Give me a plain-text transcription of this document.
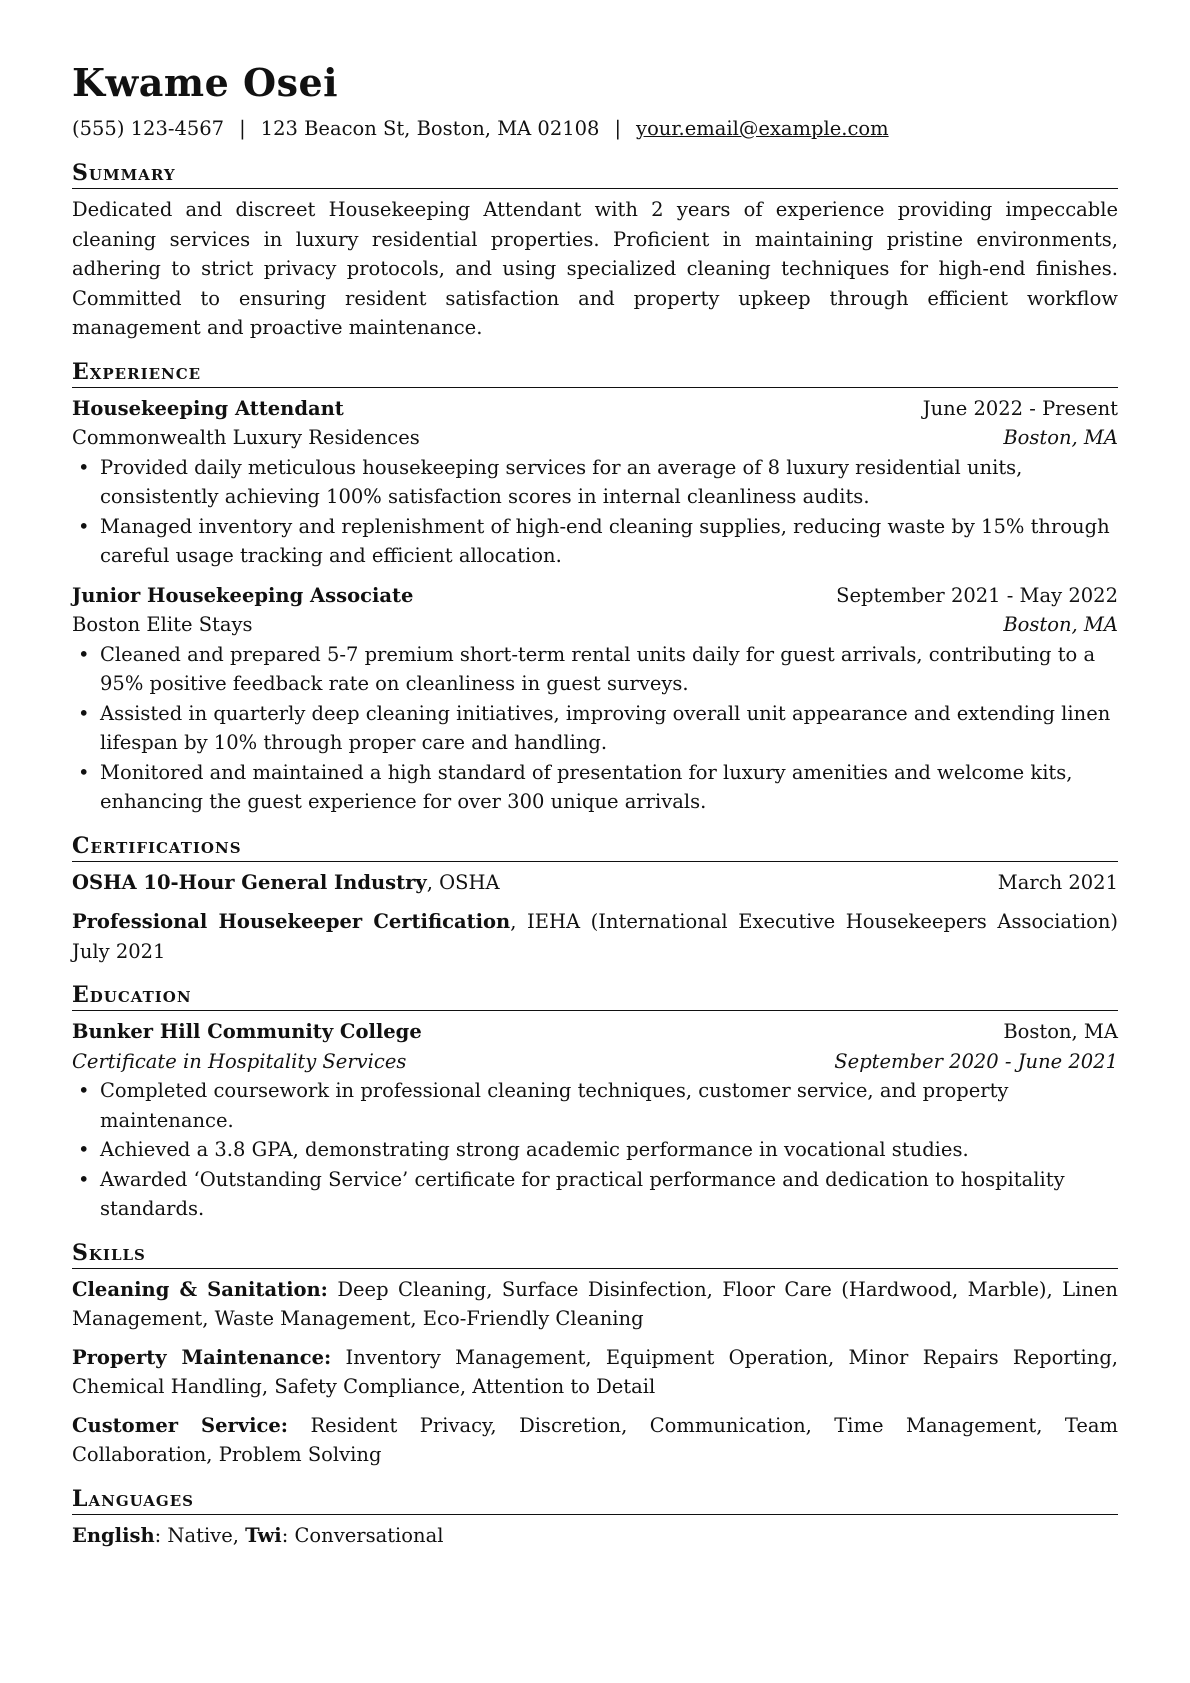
Kwame Osei
(555) 123-4567 | 123 Beacon St, Boston, MA 02108 | your.email@example.com
Summary
Dedicated and discreet Housekeeping Attendant with 2 years of experience providing impeccable cleaning services in luxury residential properties. Proficient in maintaining pristine environments, adhering to strict privacy protocols, and using specialized cleaning techniques for high-end finishes. Committed to ensuring resident satisfaction and property upkeep through efficient workflow management and proactive maintenance.
Experience
Housekeeping Attendant	June 2022 - Present
Commonwealth Luxury Residences	Boston, MA
• Provided daily meticulous housekeeping services for an average of 8 luxury residential units, consistently achieving 100% satisfaction scores in internal cleanliness audits.
• Managed inventory and replenishment of high-end cleaning supplies, reducing waste by 15% through careful usage tracking and efficient allocation.
Junior Housekeeping Associate	September 2021 - May 2022
Boston Elite Stays	Boston, MA
• Cleaned and prepared 5-7 premium short-term rental units daily for guest arrivals, contributing to a 95% positive feedback rate on cleanliness in guest surveys.
• Assisted in quarterly deep cleaning initiatives, improving overall unit appearance and extending linen lifespan by 10% through proper care and handling.
• Monitored and maintained a high standard of presentation for luxury amenities and welcome kits, enhancing the guest experience for over 300 unique arrivals.
Certifications
OSHA 10-Hour General Industry, OSHA	March 2021
Professional Housekeeper Certification, IEHA (International Executive Housekeepers Association) July 2021
Education
Bunker Hill Community College	Boston, MA
Certificate in Hospitality Services	September 2020 - June 2021
• Completed coursework in professional cleaning techniques, customer service, and property maintenance.
• Achieved a 3.8 GPA, demonstrating strong academic performance in vocational studies.
• Awarded ‘Outstanding Service’ certificate for practical performance and dedication to hospitality standards.
Skills
Cleaning & Sanitation: Deep Cleaning, Surface Disinfection, Floor Care (Hardwood, Marble), Linen Management, Waste Management, Eco-Friendly Cleaning
Property Maintenance: Inventory Management, Equipment Operation, Minor Repairs Reporting, Chemical Handling, Safety Compliance, Attention to Detail
Customer Service: Resident Privacy, Discretion, Communication, Time Management, Team Collaboration, Problem Solving
Languages
English: Native, Twi: Conversational
